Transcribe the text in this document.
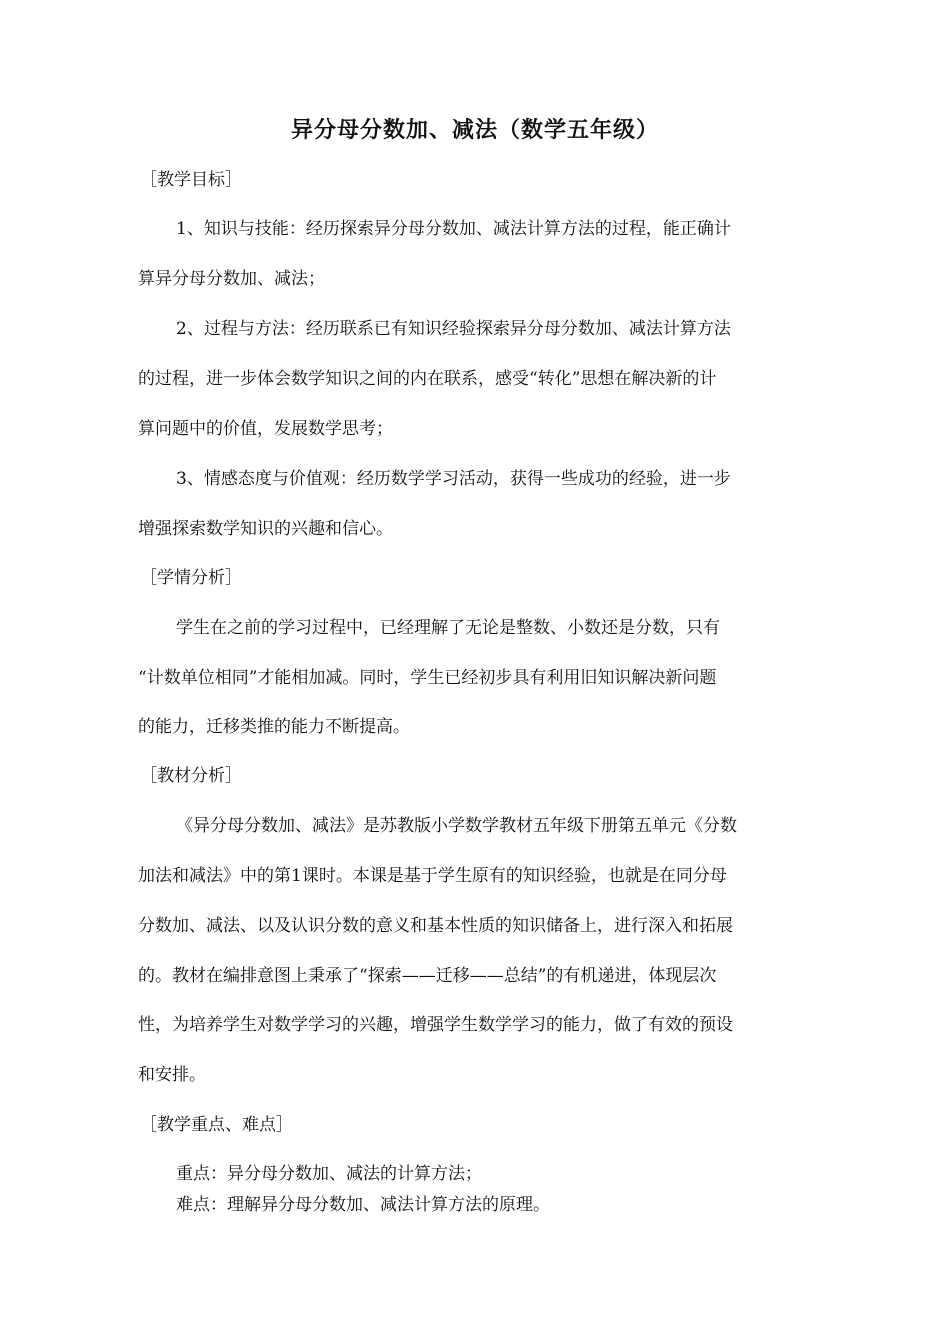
异分母分数加、减法（数学五年级）
［教学目标］
1、知识与技能：经历探索异分母分数加、减法计算方法的过程，能正确计
算异分母分数加、减法；
2、过程与方法：经历联系已有知识经验探索异分母分数加、减法计算方法
的过程，进一步体会数学知识之间的内在联系，感受“转化”思想在解决新的计
算问题中的价值，发展数学思考；
3、情感态度与价值观：经历数学学习活动，获得一些成功的经验，进一步
增强探索数学知识的兴趣和信心。
［学情分析］
学生在之前的学习过程中，已经理解了无论是整数、小数还是分数，只有
“计数单位相同”才能相加减。同时，学生已经初步具有利用旧知识解决新问题
的能力，迁移类推的能力不断提高。
［教材分析］
《异分母分数加、减法》是苏教版小学数学教材五年级下册第五单元《分数
加法和减法》中的第1课时。本课是基于学生原有的知识经验，也就是在同分母
分数加、减法、以及认识分数的意义和基本性质的知识储备上，进行深入和拓展
的。教材在编排意图上秉承了“探索——迁移——总结”的有机递进，体现层次
性，为培养学生对数学学习的兴趣，增强学生数学学习的能力，做了有效的预设
和安排。
［教学重点、难点］
重点：异分母分数加、减法的计算方法；
难点：理解异分母分数加、减法计算方法的原理。
